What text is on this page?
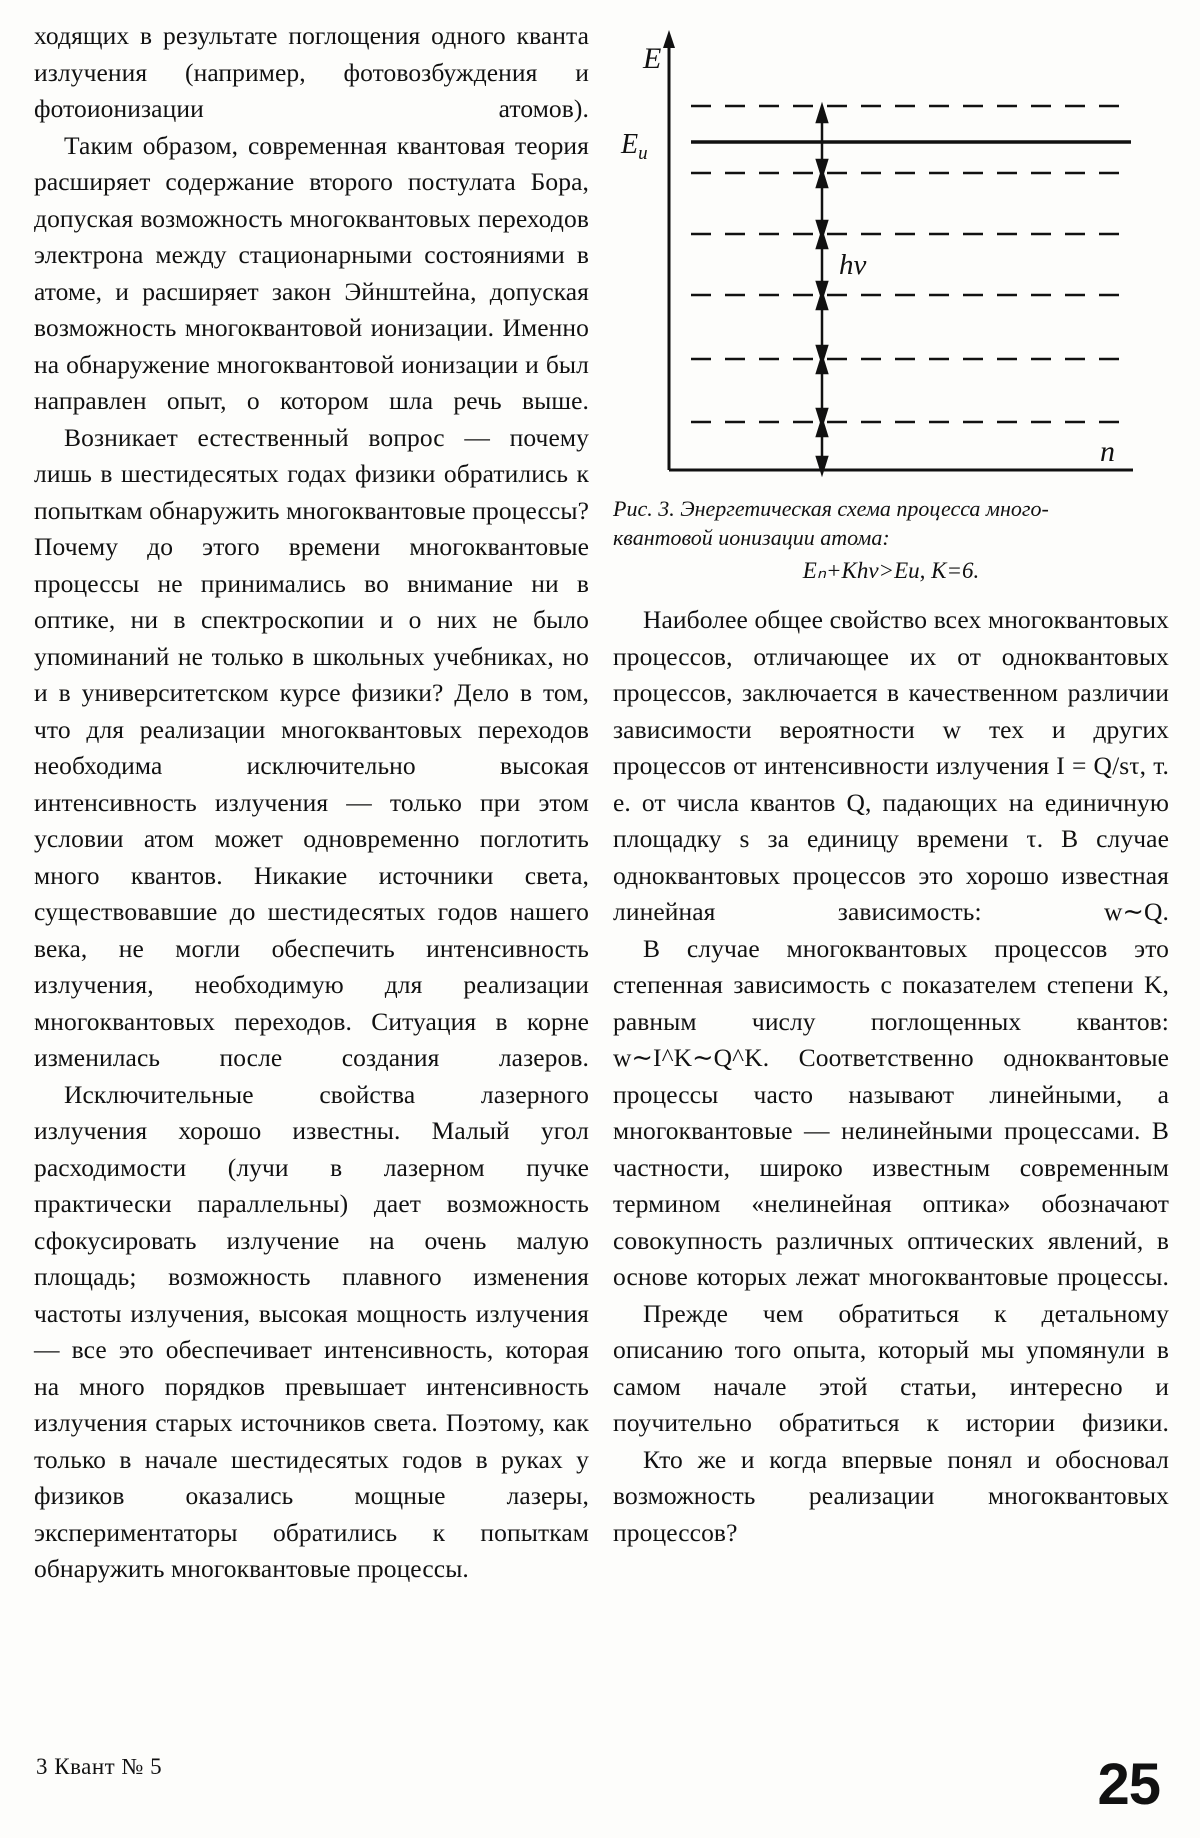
ходящих в результате поглощения одного кванта излучения (например, фотовозбуждения и фотоионизации атомов).

Таким образом, современная квантовая теория расширяет содержание второго постулата Бора, допуская возможность многоквантовых переходов электрона между стационарными состояниями в атоме, и расширяет закон Эйнштейна, допуская возможность многоквантовой ионизации. Именно на обнаружение многоквантовой ионизации и был направлен опыт, о котором шла речь выше.

Возникает естественный вопрос — почему лишь в шестидесятых годах физики обратились к попыткам обнаружить многоквантовые процессы? Почему до этого времени многоквантовые процессы не принимались во внимание ни в оптике, ни в спектроскопии и о них не было упоминаний не только в школьных учебниках, но и в университетском курсе физики? Дело в том, что для реализации многоквантовых переходов необходима исключительно высокая интенсивность излучения — только при этом условии атом может одновременно поглотить много квантов. Никакие источники света, существовавшие до шестидесятых годов нашего века, не могли обеспечить интенсивность излучения, необходимую для реализации многоквантовых переходов. Ситуация в корне изменилась после создания лазеров.

Исключительные свойства лазерного излучения хорошо известны. Малый угол расходимости (лучи в лазерном пучке практически параллельны) дает возможность сфокусировать излучение на очень малую площадь; возможность плавного изменения частоты излучения, высокая мощность излучения — все это обеспечивает интенсивность, которая на много порядков превышает интенсивность излучения старых источников света. Поэтому, как только в начале шестидесятых годов в руках у физиков оказались мощные лазеры, экспериментаторы обратились к попыткам обнаружить многоквантовые процессы.

E
n
$E_и$
hν
Рис. 3. Энергетическая схема процесса много-
квантовой ионизации атома:
Eₙ+Khν>Eи, K=6.

Наиболее общее свойство всех многоквантовых процессов, отличающее их от одноквантовых процессов, заключается в качественном различии зависимости вероятности w тех и других процессов от интенсивности излучения I = Q/sτ, т. е. от числа квантов Q, падающих на единичную площадку s за единицу времени τ. В случае одноквантовых процессов это хорошо известная линейная зависимость: w∼Q.

В случае многоквантовых процессов это степенная зависимость с показателем степени K, равным числу поглощенных квантов: w∼I^K∼Q^K. Соответственно одноквантовые процессы часто называют линейными, а многоквантовые — нелинейными процессами. В частности, широко известным современным термином «нелинейная оптика» обозначают совокупность различных оптических явлений, в основе которых лежат многоквантовые процессы.

Прежде чем обратиться к детальному описанию того опыта, который мы упомянули в самом начале этой статьи, интересно и поучительно обратиться к истории физики.

Кто же и когда впервые понял и обосновал возможность реализации многоквантовых процессов?

3 Квант № 5	25
